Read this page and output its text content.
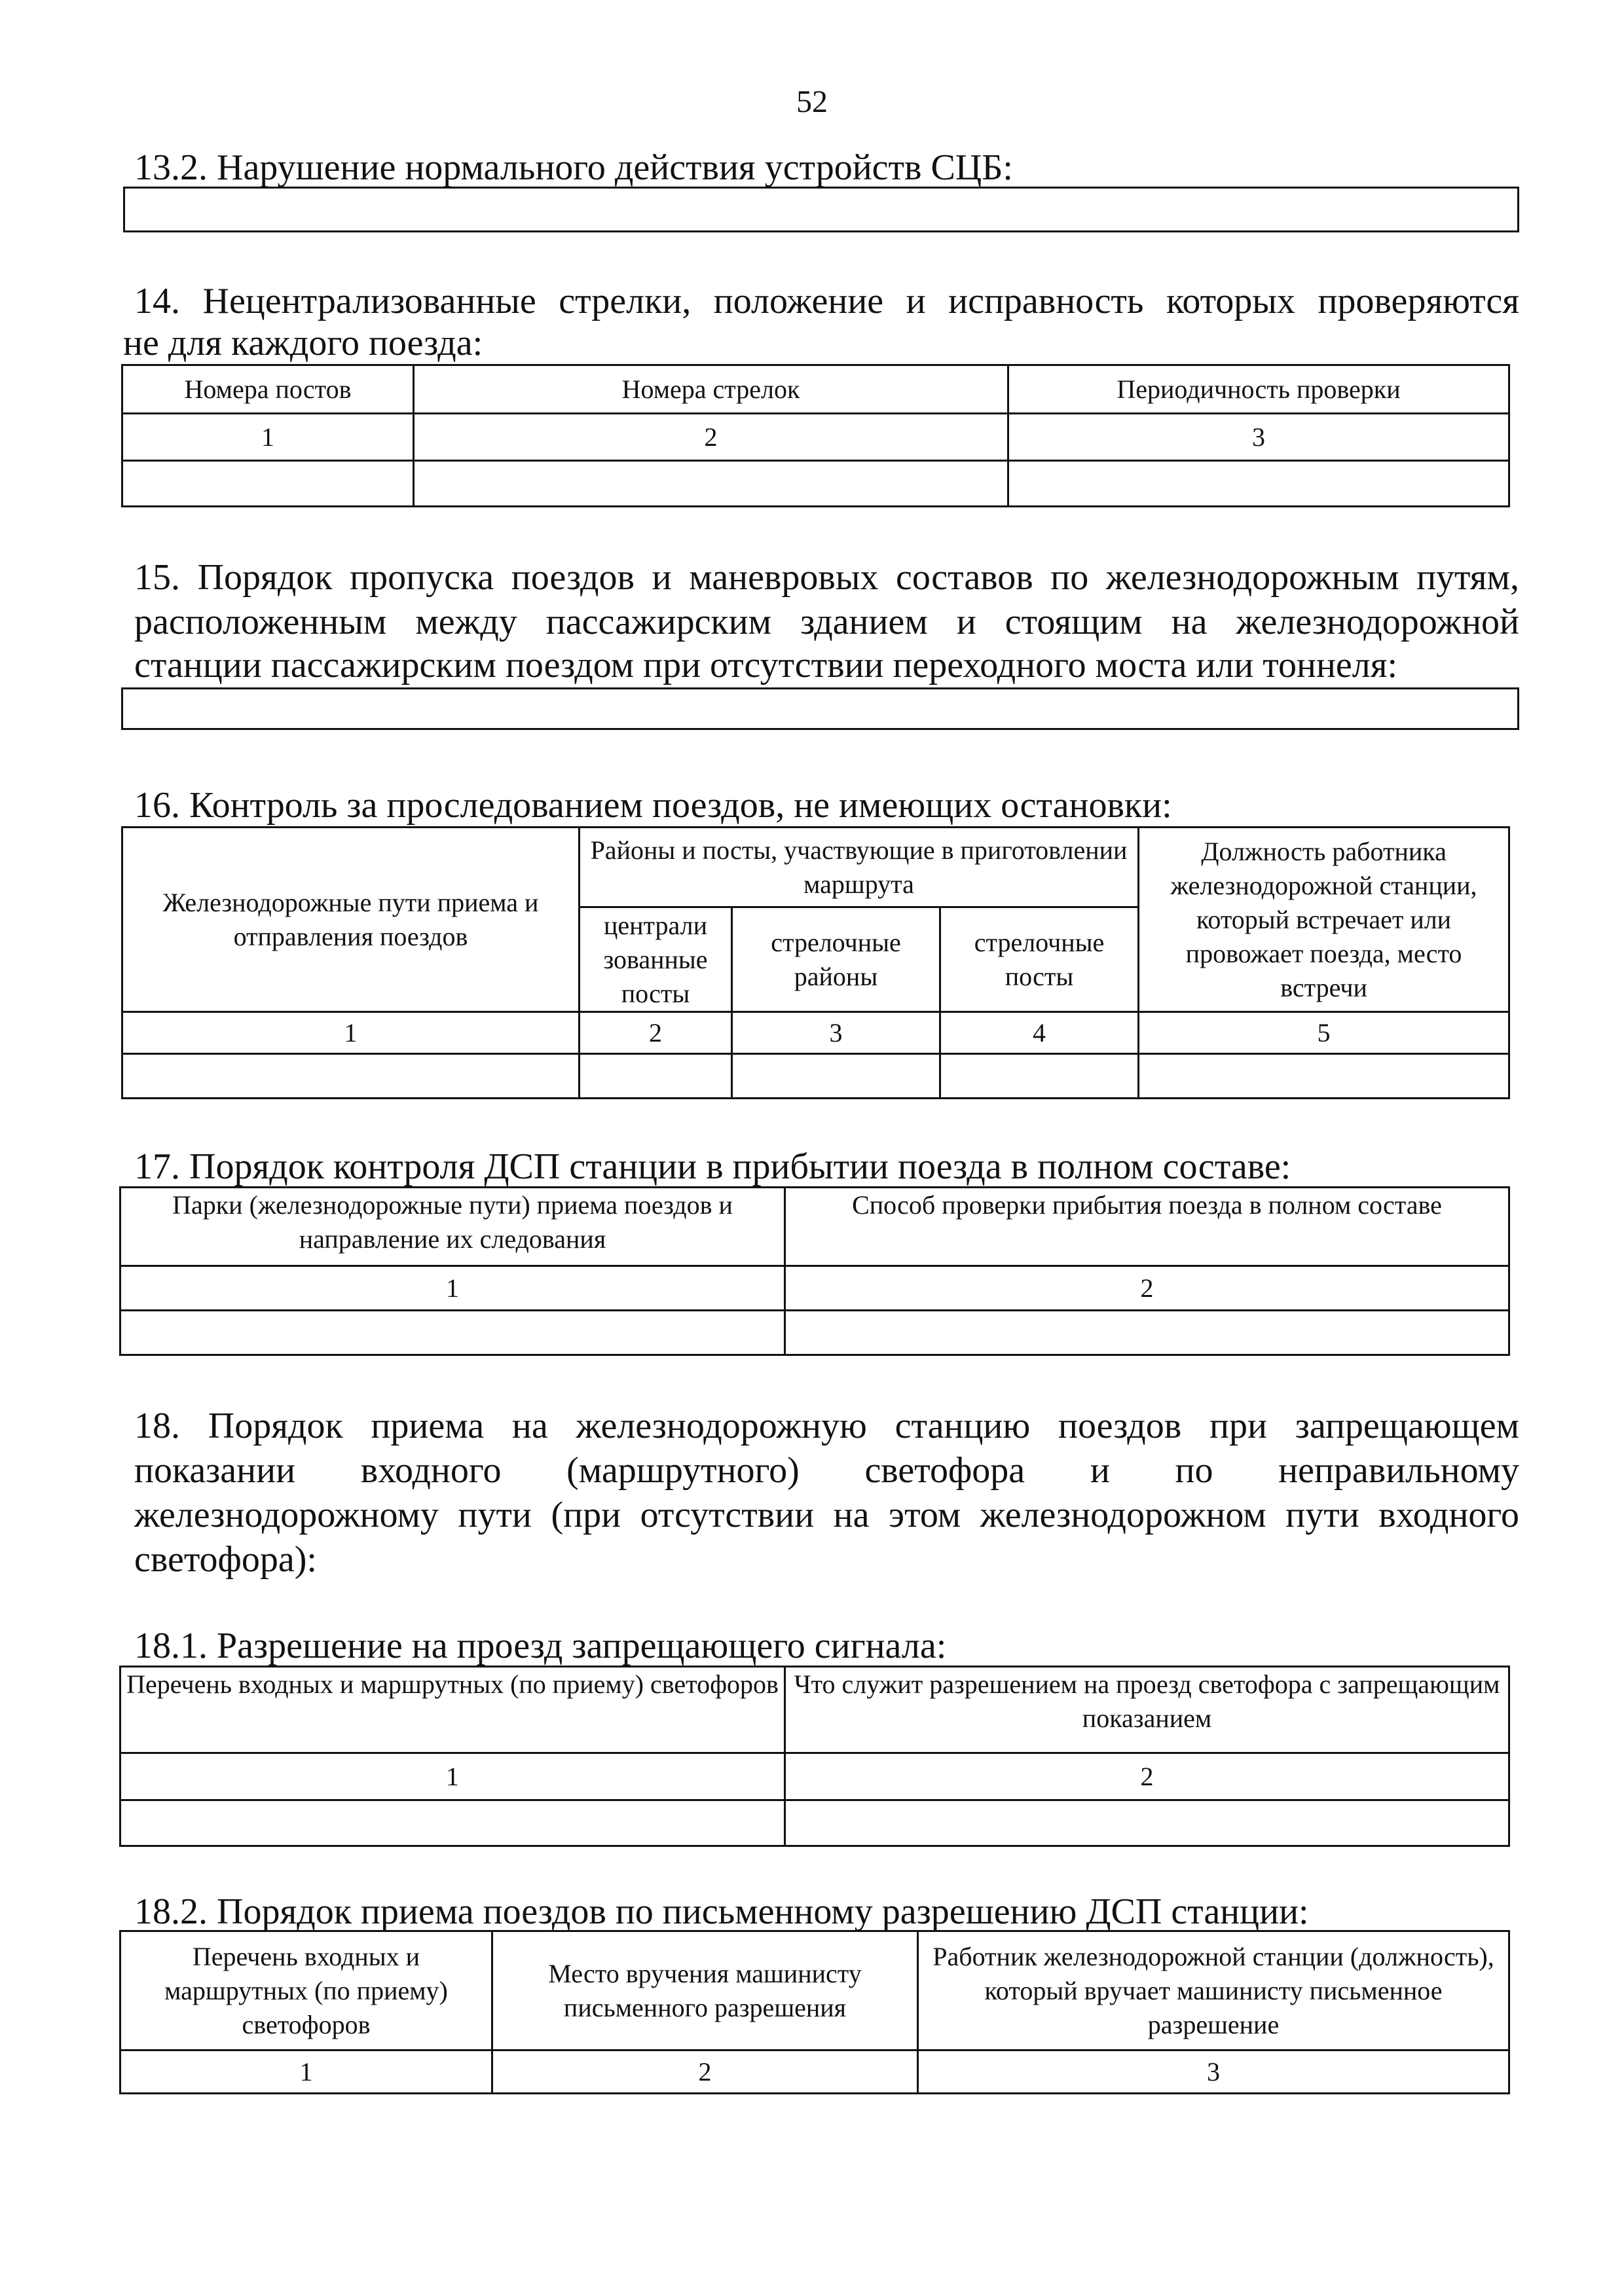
52
13.2. Нарушение нормального действия устройств СЦБ:
14. Нецентрализованные стрелки, положение и исправность которых проверяются
не для каждого поезда:
Номера постов	Номера стрелок	Периодичность проверки
1	2	3

15. Порядок пропуска поездов и маневровых составов по железнодорожным путям,
расположенным между пассажирским зданием и стоящим на железнодорожной
станции пассажирским поездом при отсутствии переходного моста или тоннеля:
16. Контроль за проследованием поездов, не имеющих остановки:
Железнодорожные пути приема и отправления поездов	Районы и посты, участвующие в приготовлении маршрута			Должность работника железнодорожной станции, который встречает или провожает поезда, место встречи
	централи зованные посты	стрелочные районы	стрелочные посты	
1	2	3	4	5

17. Порядок контроля ДСП станции в прибытии поезда в полном составе:
Парки (железнодорожные пути) приема поездов и направление их следования	Способ проверки прибытия поезда в полном составе
1	2

18. Порядок приема на железнодорожную станцию поездов при запрещающем
показании входного (маршрутного) светофора и по неправильному
железнодорожному пути (при отсутствии на этом железнодорожном пути входного
светофора):
18.1. Разрешение на проезд запрещающего сигнала:
Перечень входных и маршрутных (по приему) светофоров	Что служит разрешением на проезд светофора с запрещающим показанием
1	2

18.2. Порядок приема поездов по письменному разрешению ДСП станции:
Перечень входных и маршрутных (по приему) светофоров	Место вручения машинисту письменного разрешения	Работник железнодорожной станции (должность), который вручает машинисту письменное разрешение
1	2	3
